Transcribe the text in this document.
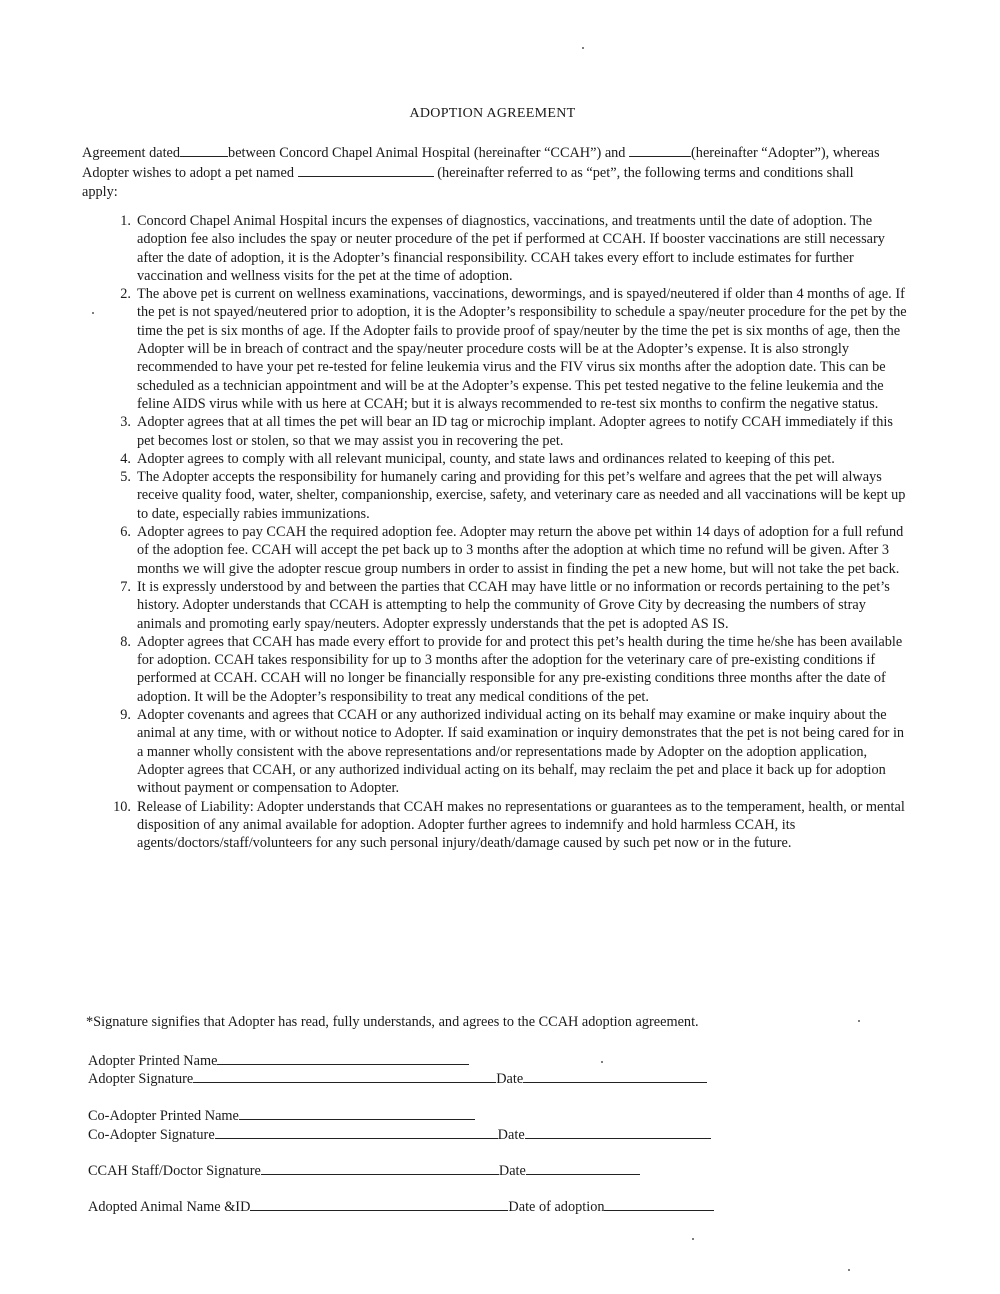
ADOPTION AGREEMENT
Agreement dated	between Concord Chapel Animal Hospital (hereinafter “CCAH”) and	(hereinafter “Adopter”), whereas Adopter wishes to adopt a pet named	(hereinafter referred to as “pet”, the following terms and conditions shall apply:
1. Concord Chapel Animal Hospital incurs the expenses of diagnostics, vaccinations, and treatments until the date of adoption. The adoption fee also includes the spay or neuter procedure of the pet if performed at CCAH. If booster vaccinations are still necessary after the date of adoption, it is the Adopter’s financial responsibility. CCAH takes every effort to include estimates for further vaccination and wellness visits for the pet at the time of adoption.
2. The above pet is current on wellness examinations, vaccinations, dewormings, and is spayed/neutered if older than 4 months of age. If the pet is not spayed/neutered prior to adoption, it is the Adopter’s responsibility to schedule a spay/neuter procedure for the pet by the time the pet is six months of age. If the Adopter fails to provide proof of spay/neuter by the time the pet is six months of age, then the Adopter will be in breach of contract and the spay/neuter procedure costs will be at the Adopter’s expense. It is also strongly recommended to have your pet re-tested for feline leukemia virus and the FIV virus six months after the adoption date. This can be scheduled as a technician appointment and will be at the Adopter’s expense. This pet tested negative to the feline leukemia and the feline AIDS virus while with us here at CCAH; but it is always recommended to re-test six months to confirm the negative status.
3. Adopter agrees that at all times the pet will bear an ID tag or microchip implant. Adopter agrees to notify CCAH immediately if this pet becomes lost or stolen, so that we may assist you in recovering the pet.
4. Adopter agrees to comply with all relevant municipal, county, and state laws and ordinances related to keeping of this pet.
5. The Adopter accepts the responsibility for humanely caring and providing for this pet’s welfare and agrees that the pet will always receive quality food, water, shelter, companionship, exercise, safety, and veterinary care as needed and all vaccinations will be kept up to date, especially rabies immunizations.
6. Adopter agrees to pay CCAH the required adoption fee. Adopter may return the above pet within 14 days of adoption for a full refund of the adoption fee. CCAH will accept the pet back up to 3 months after the adoption at which time no refund will be given. After 3 months we will give the adopter rescue group numbers in order to assist in finding the pet a new home, but will not take the pet back.
7. It is expressly understood by and between the parties that CCAH may have little or no information or records pertaining to the pet’s history. Adopter understands that CCAH is attempting to help the community of Grove City by decreasing the numbers of stray animals and promoting early spay/neuters. Adopter expressly understands that the pet is adopted AS IS.
8. Adopter agrees that CCAH has made every effort to provide for and protect this pet’s health during the time he/she has been available for adoption. CCAH takes responsibility for up to 3 months after the adoption for the veterinary care of pre-existing conditions if performed at CCAH. CCAH will no longer be financially responsible for any pre-existing conditions three months after the date of adoption. It will be the Adopter’s responsibility to treat any medical conditions of the pet.
9. Adopter covenants and agrees that CCAH or any authorized individual acting on its behalf may examine or make inquiry about the animal at any time, with or without notice to Adopter. If said examination or inquiry demonstrates that the pet is not being cared for in a manner wholly consistent with the above representations and/or representations made by Adopter on the adoption application, Adopter agrees that CCAH, or any authorized individual acting on its behalf, may reclaim the pet and place it back up for adoption without payment or compensation to Adopter.
10. Release of Liability: Adopter understands that CCAH makes no representations or guarantees as to the temperament, health, or mental disposition of any animal available for adoption. Adopter further agrees to indemnify and hold harmless CCAH, its agents/doctors/staff/volunteers for any such personal injury/death/damage caused by such pet now or in the future.
*Signature signifies that Adopter has read, fully understands, and agrees to the CCAH adoption agreement.
Adopter Printed Name
Adopter Signature	Date
Co-Adopter Printed Name
Co-Adopter Signature	Date
CCAH Staff/Doctor Signature	Date
Adopted Animal Name &ID	Date of adoption
